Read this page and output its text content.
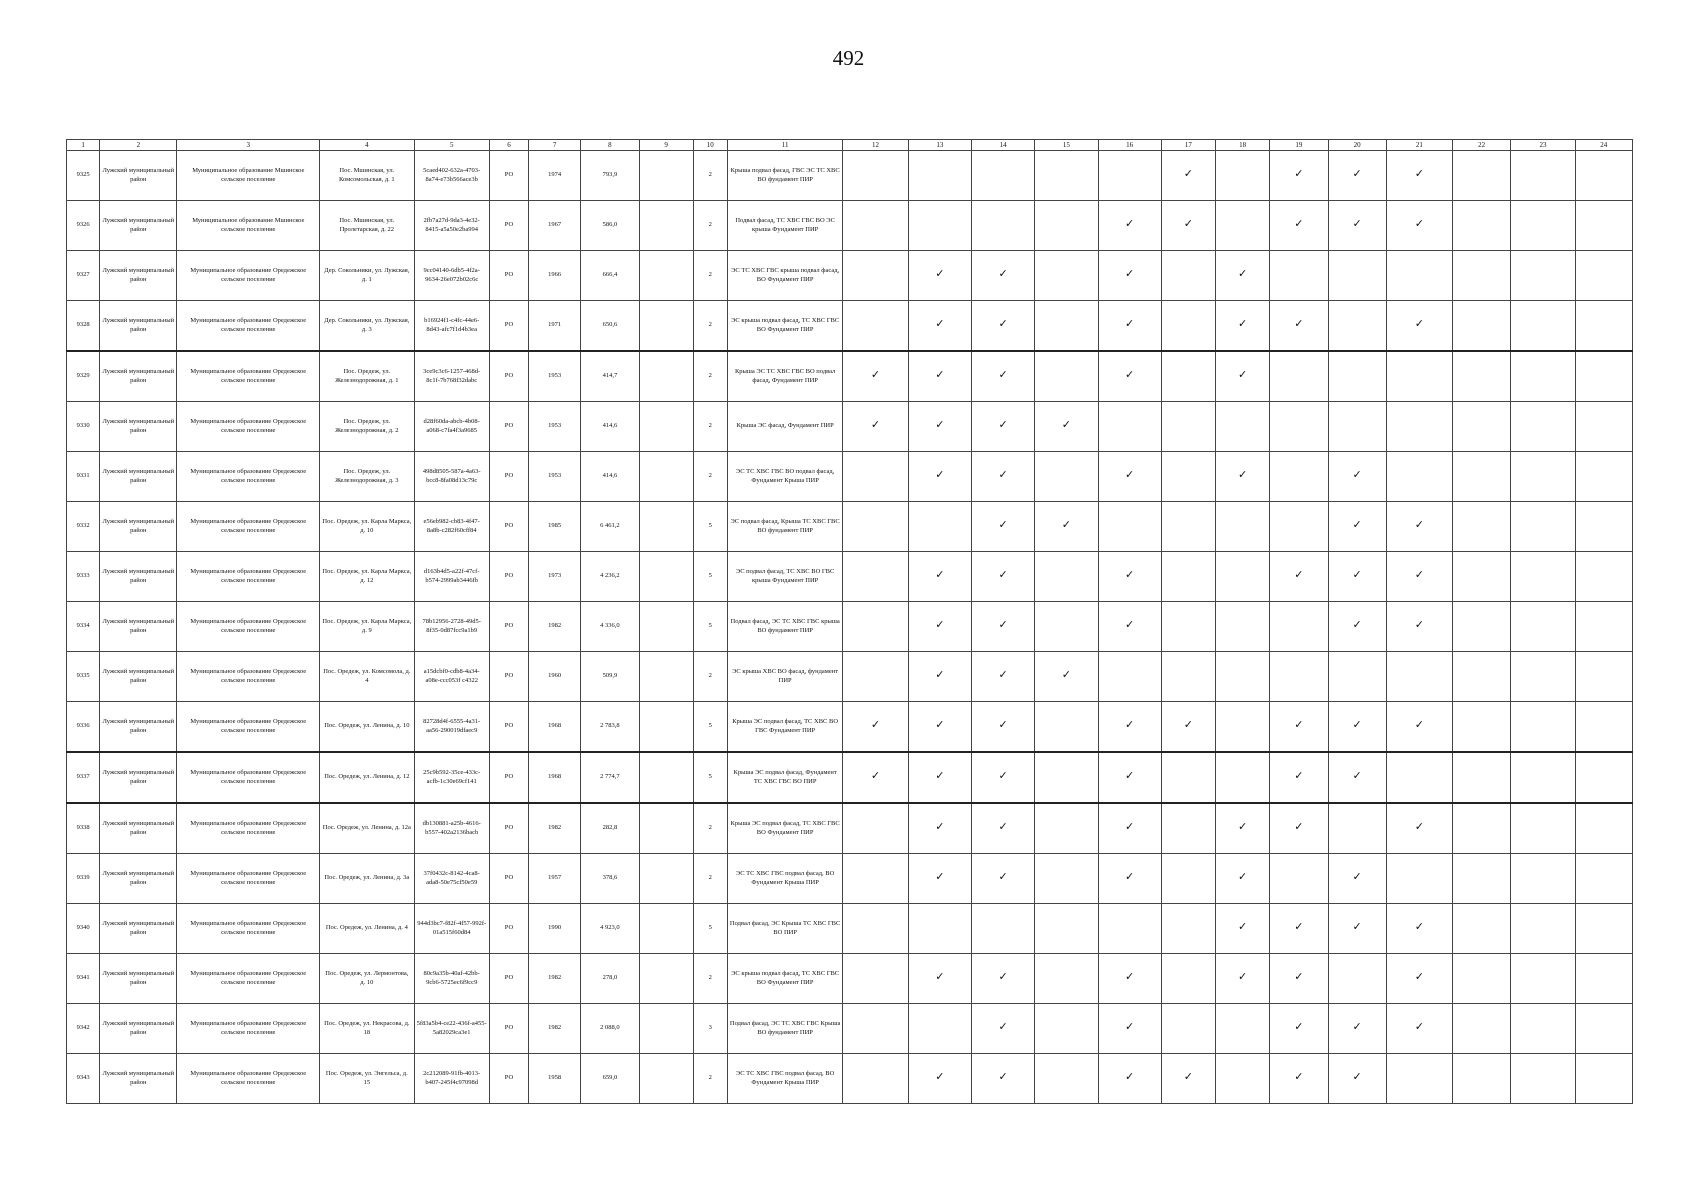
492
1	2	3	4	5	6	7	8	9	10	11	12	13	14	15	16	17	18	19	20	21	22	23	24
9325	Лужский муниципальный район	Муниципальное образование Мшинское сельское поселение	Пос. Мшинская, ул. Комсомольская, д. 1	5caed402-632a-4703-8a74-e73b566ace3b	РО	1974	793,9		2	Крыша подвал фасад, ГВС ЭС ТС ХВС ВО фундамент ПИР						✓		✓	✓	✓			
9326	Лужский муниципальный район	Муниципальное образование Мшинское сельское поселение	Пос. Мшинская, ул. Пролетарская, д. 22	2fb7a27d-9da3-4e32-8415-a5a50e2ba994	РО	1967	586,0		2	Подвал фасад, ТС ХВС ГВС ВО ЭС крыша Фундамент ПИР					✓	✓		✓	✓	✓			
9327	Лужский муниципальный район	Муниципальное образование Оредежское сельское поселение	Дер. Сокольники, ул. Лужская, д. 1	9cc04140-6db5-4f2a-9634-26e072b02c6c	РО	1966	666,4		2	ЭС ТС ХВС ГВС крыша подвал фасад, ВО Фундамент ПИР		✓	✓		✓		✓						
9328	Лужский муниципальный район	Муниципальное образование Оредежское сельское поселение	Дер. Сокольники, ул. Лужская, д. 3	b16924f1-c4fc-44e6-8d43-afc7f1d4b3ea	РО	1971	650,6		2	ЭС крыша подвал фасад, ТС ХВС ГВС ВО Фундамент ПИР		✓	✓		✓		✓	✓		✓			
9329	Лужский муниципальный район	Муниципальное образование Оредежское сельское поселение	Пос. Оредеж, ул. Железнодорожная, д. 1	3ce9c3c6-1257-468d-8c1f-7b768f32dabc	РО	1953	414,7		2	Крыша ЭС ТС ХВС ГВС ВО подвал фасад, Фундамент ПИР	✓	✓	✓		✓		✓						
9330	Лужский муниципальный район	Муниципальное образование Оредежское сельское поселение	Пос. Оредеж, ул. Железнодорожная, д. 2	d28f60da-abcb-4b08-a068-c7fa4f3a9685	РО	1953	414,6		2	Крыша ЭС фасад, Фундамент ПИР	✓	✓	✓	✓									
9331	Лужский муниципальный район	Муниципальное образование Оредежское сельское поселение	Пос. Оредеж, ул. Железнодорожная, д. 3	498d8505-587a-4a63-bcc8-8fa08d13c79c	РО	1953	414,6		2	ЭС ТС ХВС ГВС ВО подвал фасад, Фундамент Крыша ПИР		✓	✓		✓		✓		✓				
9332	Лужский муниципальный район	Муниципальное образование Оредежское сельское поселение	Пос. Оредеж, ул. Карла Маркса, д. 10	e56eb982-cb83-4f47-8a8b-c282f60cff84	РО	1985	6 461,2		5	ЭС подвал фасад, Крыша ТС ХВС ГВС ВО фундамент ПИР			✓	✓					✓	✓			
9333	Лужский муниципальный район	Муниципальное образование Оредежское сельское поселение	Пос. Оредеж, ул. Карла Маркса, д. 12	d163b4d5-a22f-47cf-b574-2999ab3446fb	РО	1973	4 236,2		5	ЭС подвал фасад, ТС ХВС ВО ГВС крыша Фундамент ПИР		✓	✓		✓			✓	✓	✓			
9334	Лужский муниципальный район	Муниципальное образование Оредежское сельское поселение	Пос. Оредеж, ул. Карла Маркса, д. 9	78b12956-2728-49d5-8f35-0d87fcc9a1b9	РО	1982	4 336,0		5	Подвал фасад, ЭС ТС ХВС ГВС крыша ВО фундамент ПИР		✓	✓		✓				✓	✓			
9335	Лужский муниципальный район	Муниципальное образование Оредежское сельское поселение	Пос. Оредеж, ул. Комсомола, д. 4	a15dcbf0-cdb8-4a34-a08e-ccc053f c4322	РО	1960	509,9		2	ЭС крыша ХВС ВО фасад, фундамент ПИР		✓	✓	✓									
9336	Лужский муниципальный район	Муниципальное образование Оредежское сельское поселение	Пос. Оредеж, ул. Ленина, д. 10	82728d4f-6555-4a31-aa56-290019dfaec9	РО	1968	2 783,8		5	Крыша ЭС подвал фасад, ТС ХВС ВО ГВС Фундамент ПИР	✓	✓	✓		✓	✓		✓	✓	✓			
9337	Лужский муниципальный район	Муниципальное образование Оредежское сельское поселение	Пос. Оредеж, ул. Ленина, д. 12	25c9b592-35ce-433c-acfb-1c30e69cf141	РО	1968	2 774,7		5	Крыша ЭС подвал фасад, Фундамент ТС ХВС ГВС ВО ПИР	✓	✓	✓		✓			✓	✓				
9338	Лужский муниципальный район	Муниципальное образование Оредежское сельское поселение	Пос. Оредеж, ул. Ленина, д. 12а	db130881-a25b-4616-b557-402a2136bacb	РО	1982	282,8		2	Крыша ЭС подвал фасад, ТС ХВС ГВС ВО Фундамент ПИР		✓	✓		✓		✓	✓		✓			
9339	Лужский муниципальный район	Муниципальное образование Оредежское сельское поселение	Пос. Оредеж, ул. Ленина, д. 3а	37f0432c-8142-4ca8-ada8-50e75cf50e59	РО	1957	378,6		2	ЭС ТС ХВС ГВС подвал фасад, ВО Фундамент Крыша ПИР		✓	✓		✓		✓		✓				
9340	Лужский муниципальный район	Муниципальное образование Оредежское сельское поселение	Пос. Оредеж, ул. Ленина, д. 4	944d3bc7-f82f-4f57-992f-01a515f60d84	РО	1990	4 923,0		5	Подвал фасад, ЭС Крыша ТС ХВС ГВС ВО ПИР							✓	✓	✓	✓			
9341	Лужский муниципальный район	Муниципальное образование Оредежское сельское поселение	Пос. Оредеж, ул. Лермонтова, д. 10	80c9a35b-40af-42bb-9cb6-5725ec6f9cc9	РО	1982	278,0		2	ЭС крыша подвал фасад, ТС ХВС ГВС ВО Фундамент ПИР		✓	✓		✓		✓	✓		✓			
9342	Лужский муниципальный район	Муниципальное образование Оредежское сельское поселение	Пос. Оредеж, ул. Некрасова, д. 18	5f83a5b4-ce22-436f-a455-5a82029ca3e1	РО	1982	2 088,0		3	Подвал фасад, ЭС ТС ХВС ГВС Крыша ВО фундамент ПИР			✓		✓			✓	✓	✓			
9343	Лужский муниципальный район	Муниципальное образование Оредежское сельское поселение	Пос. Оредеж, ул. Энгельса, д. 15	2c212089-91fb-4013-b407-245f4c97098d	РО	1958	659,0		2	ЭС ТС ХВС ГВС подвал фасад, ВО Фундамент Крыша ПИР		✓	✓		✓	✓		✓	✓				
